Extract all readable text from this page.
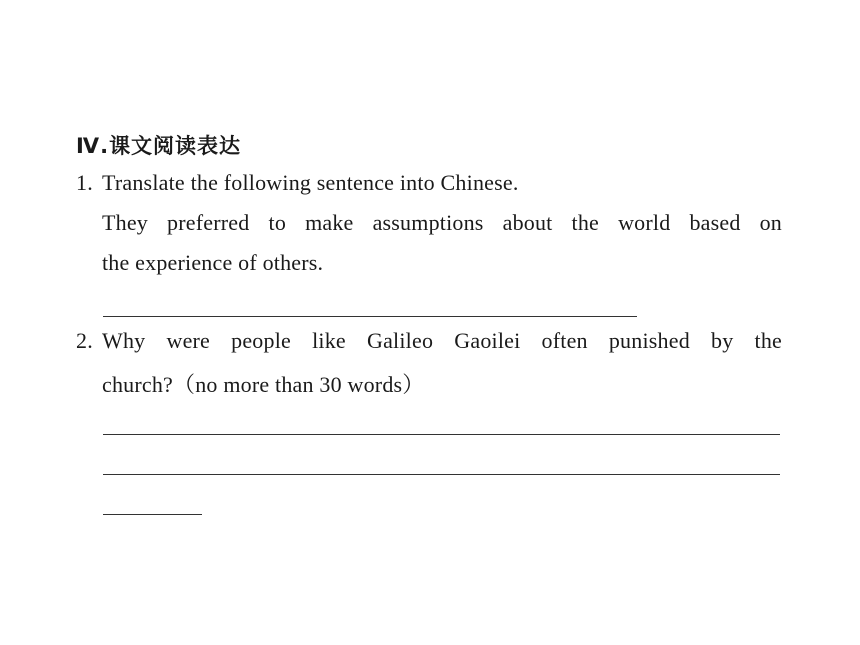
Ⅳ.课文阅读表达
1. Translate the following sentence into Chinese.
They preferred to make assumptions about the world based on
the experience of others.
2. Why were people like Galileo Gaoilei often punished by the
church?（no more than 30 words）
